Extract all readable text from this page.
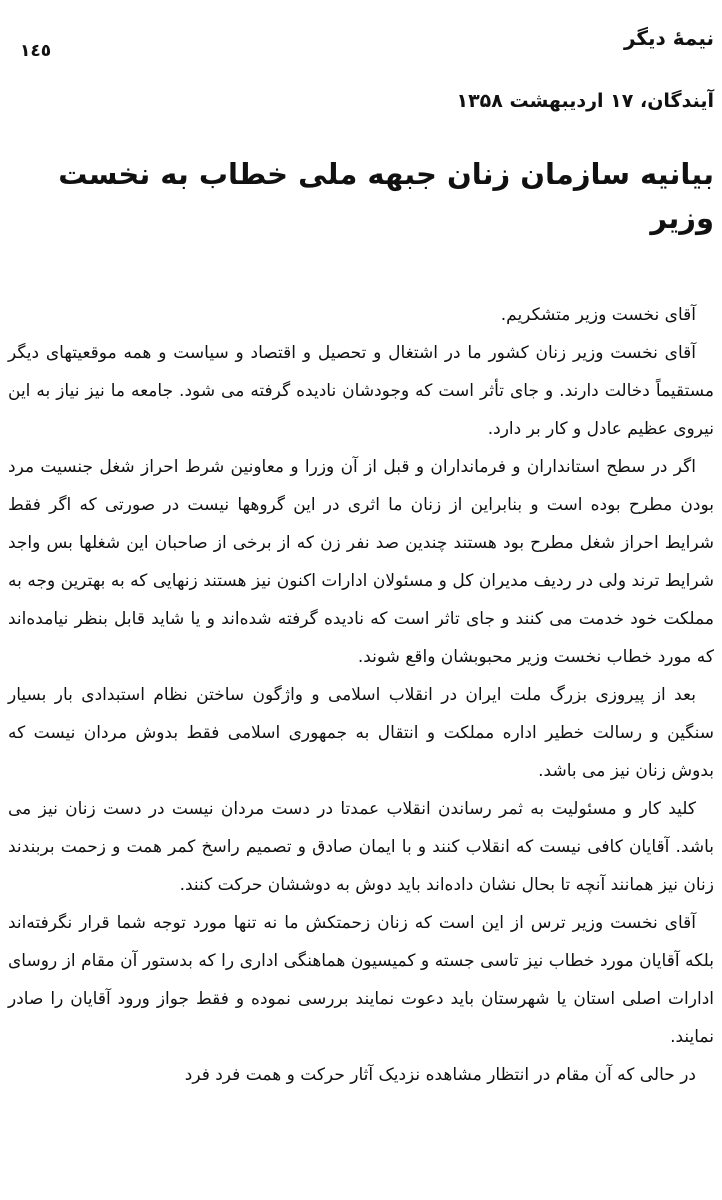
نیمهٔ دیگر
١٤٥
آیندگان، ۱۷ اردیبهشت ۱۳۵۸
بیانیه سازمان زنان جبهه ملی خطاب به نخست وزیر

آقای نخست وزیر متشکریم.

آقای نخست وزیر زنان کشور ما در اشتغال و تحصیل و اقتصاد و سیاست و همه موقعیتهای دیگر مستقیماً دخالت دارند. و جای تأثر است که وجودشان نادیده گرفته می شود. جامعه ما نیز نیاز به این نیروی عظیم عادل و کار بر دارد.

اگر در سطح استانداران و فرمانداران و قبل از آن وزرا و معاونین شرط احراز شغل جنسیت مرد بودن مطرح بوده است و بنابراین از زنان ما اثری در این گروهها نیست در صورتی که اگر فقط شرایط احراز شغل مطرح بود هستند چندین صد نفر زن که از برخی از صاحبان این شغلها بس واجد شرایط ترند ولی در ردیف مدیران کل و مسئولان ادارات اکنون نیز هستند زنهایی که به بهترین وجه به مملکت خود خدمت می کنند و جای تاثر است که نادیده گرفته شده‌اند و یا شاید قابل بنظر نیامده‌اند که مورد خطاب نخست وزیر محبوبشان واقع شوند.

بعد از پیروزی بزرگ ملت ایران در انقلاب اسلامی و واژگون ساختن نظام استبدادی بار بسیار سنگین و رسالت خطیر اداره مملکت و انتقال به جمهوری اسلامی فقط بدوش مردان نیست که بدوش زنان نیز می باشد.

کلید کار و مسئولیت به ثمر رساندن انقلاب عمدتا در دست مردان نیست در دست زنان نیز می باشد. آقایان کافی نیست که انقلاب کنند و با ایمان صادق و تصمیم راسخ کمر همت و زحمت بربندند زنان نیز همانند آنچه تا بحال نشان داده‌اند باید دوش به دوششان حرکت کنند.

آقای نخست وزیر ترس از این است که زنان زحمتکش ما نه تنها مورد توجه شما قرار نگرفته‌اند بلکه آقایان مورد خطاب نیز تاسی جسته و کمیسیون هماهنگی اداری را که بدستور آن مقام از روسای ادارات اصلی استان یا شهرستان باید دعوت نمایند بررسی نموده و فقط جواز ورود آقایان را صادر نمایند.

در حالی که آن مقام در انتظار مشاهده نزدیک آثار حرکت و همت فرد فرد
